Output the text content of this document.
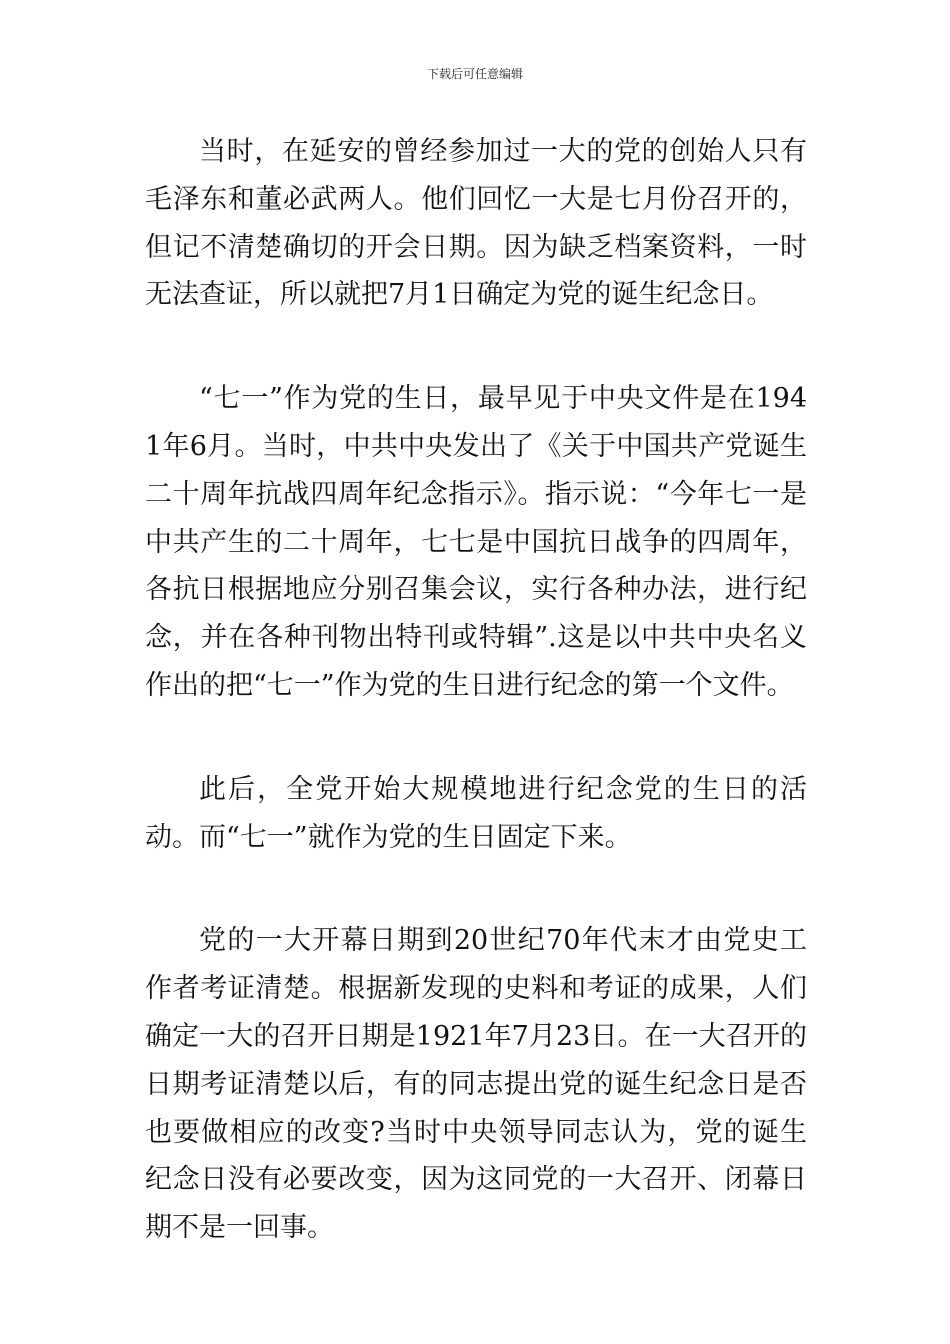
下载后可任意编辑

当时，在延安的曾经参加过一大的党的创始人只有毛泽东和董必武两人。他们回忆一大是七月份召开的，但记不清楚确切的开会日期。因为缺乏档案资料，一时无法查证，所以就把7月1日确定为党的诞生纪念日。

“七一”作为党的生日，最早见于中央文件是在1941年6月。当时，中共中央发出了《关于中国共产党诞生二十周年抗战四周年纪念指示》。指示说：“今年七一是中共产生的二十周年，七七是中国抗日战争的四周年，各抗日根据地应分别召集会议，实行各种办法，进行纪念，并在各种刊物出特刊或特辑”.这是以中共中央名义作出的把“七一”作为党的生日进行纪念的第一个文件。

此后，全党开始大规模地进行纪念党的生日的活动。而“七一”就作为党的生日固定下来。

党的一大开幕日期到20世纪70年代末才由党史工作者考证清楚。根据新发现的史料和考证的成果，人们确定一大的召开日期是1921年7月23日。在一大召开的日期考证清楚以后，有的同志提出党的诞生纪念日是否也要做相应的改变?当时中央领导同志认为，党的诞生纪念日没有必要改变，因为这同党的一大召开、闭幕日期不是一回事。
